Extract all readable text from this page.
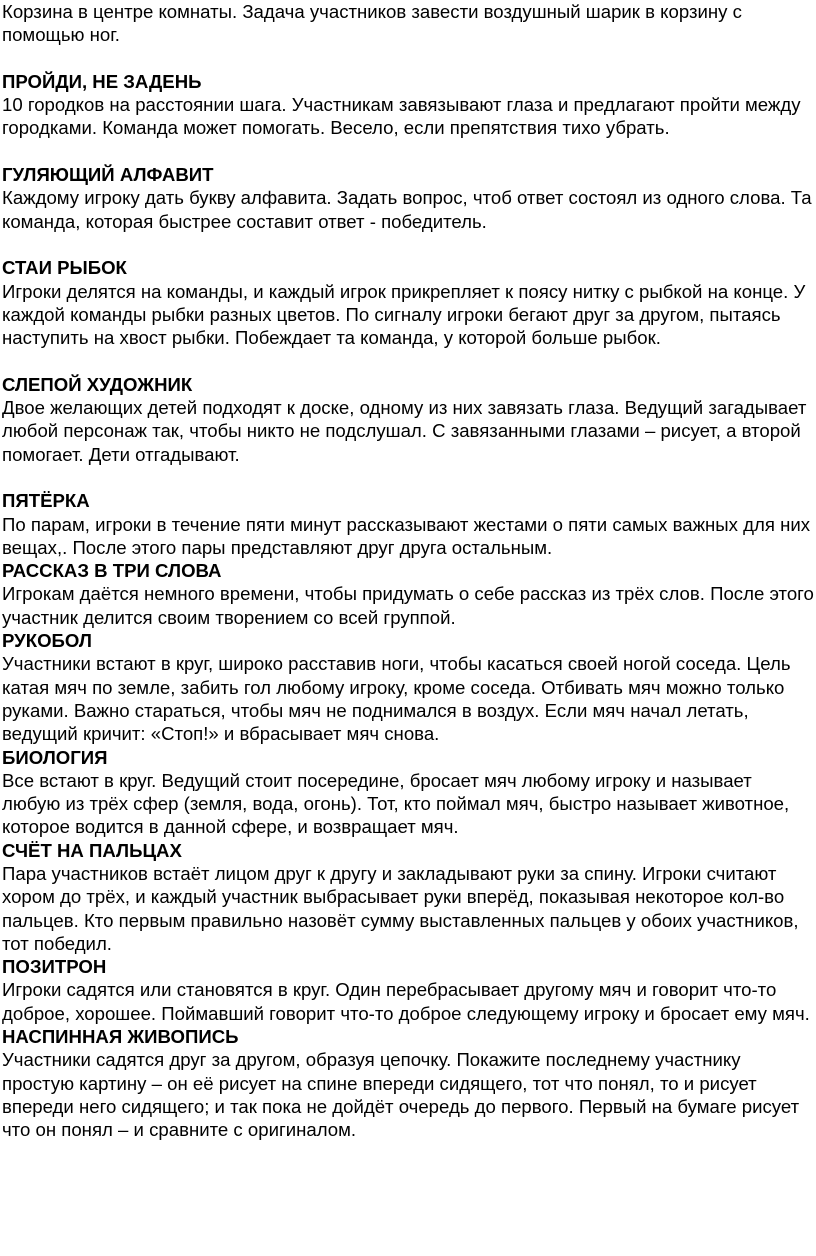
Корзина в центре комнаты. Задача участников завести воздушный шарик в корзину с помощью ног.

ПРОЙДИ, НЕ ЗАДЕНЬ

10 городков на расстоянии шага. Участникам завязывают глаза и предлагают пройти между городками. Команда может помогать. Весело, если препятствия тихо убрать.

ГУЛЯЮЩИЙ АЛФАВИТ

Каждому игроку дать букву алфавита. Задать вопрос, чтоб ответ состоял из одного слова. Та команда, которая быстрее составит ответ - победитель.

СТАИ РЫБОК

Игроки делятся на команды, и каждый игрок прикрепляет к поясу нитку с рыбкой на конце. У каждой команды рыбки разных цветов. По сигналу игроки бегают друг за другом, пытаясь наступить на хвост рыбки. Побеждает та команда, у которой больше рыбок.

СЛЕПОЙ ХУДОЖНИК

Двое желающих детей подходят к доске, одному из них завязать глаза. Ведущий загадывает любой персонаж так, чтобы никто не подслушал. С завязанными глазами – рисует, а второй помогает. Дети отгадывают.

ПЯТЁРКА

По парам, игроки в течение пяти минут рассказывают жестами о пяти самых важных для них вещах,. После этого пары представляют друг друга остальным.

РАССКАЗ В ТРИ СЛОВА

Игрокам даётся немного времени, чтобы придумать о себе рассказ из трёх слов. После этого участник делится своим творением со всей группой.

РУКОБОЛ

Участники встают в круг, широко расставив ноги, чтобы касаться своей ногой соседа. Цель катая мяч по земле, забить гол любому игроку, кроме соседа. Отбивать мяч можно только руками. Важно стараться, чтобы мяч не поднимался в воздух. Если мяч начал летать, ведущий кричит: «Стоп!» и вбрасывает мяч снова.

БИОЛОГИЯ

Все встают в круг. Ведущий стоит посередине, бросает мяч любому игроку и называет любую из трёх сфер (земля, вода, огонь). Тот, кто поймал мяч, быстро называет животное, которое водится в данной сфере, и возвращает мяч.

СЧЁТ НА ПАЛЬЦАХ

Пара участников встаёт лицом друг к другу и закладывают руки за спину. Игроки считают хором до трёх, и каждый участник выбрасывает руки вперёд, показывая некоторое кол-во пальцев. Кто первым правильно назовёт сумму выставленных пальцев у обоих участников, тот победил.

ПОЗИТРОН

Игроки садятся или становятся в круг. Один перебрасывает другому мяч и говорит что-то доброе, хорошее. Поймавший говорит что-то доброе следующему игроку и бросает ему мяч.

НАСПИННАЯ ЖИВОПИСЬ

Участники садятся друг за другом, образуя цепочку. Покажите последнему участнику простую картину – он её рисует на спине впереди сидящего, тот что понял, то и рисует впереди него сидящего; и так пока не дойдёт очередь до первого. Первый на бумаге рисует что он понял – и сравните с оригиналом.
